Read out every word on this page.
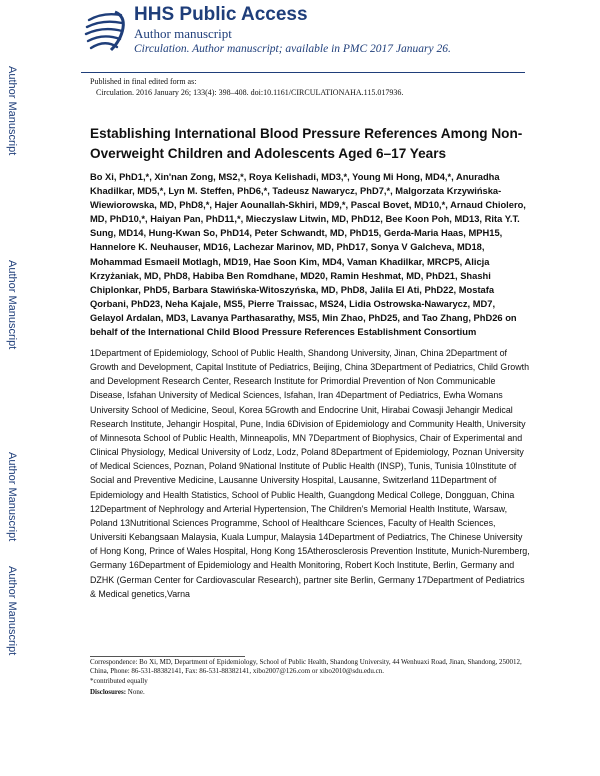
Author Manuscript
Author Manuscript
Author Manuscript
Author Manuscript
HHS Public Access
Author manuscript
Circulation. Author manuscript; available in PMC 2017 January 26.
Published in final edited form as:
Circulation. 2016 January 26; 133(4): 398–408. doi:10.1161/CIRCULATIONAHA.115.017936.
Establishing International Blood Pressure References Among Non-Overweight Children and Adolescents Aged 6–17 Years

Bo Xi, PhD1,*, Xin'nan Zong, MS2,*, Roya Kelishadi, MD3,*, Young Mi Hong, MD4,*, Anuradha Khadilkar, MD5,*, Lyn M. Steffen, PhD6,*, Tadeusz Nawarycz, PhD7,*, Malgorzata Krzywińska-Wiewiorowska, MD, PhD8,*, Hajer Aounallah-Skhiri, MD9,*, Pascal Bovet, MD10,*, Arnaud Chiolero, MD, PhD10,*, Haiyan Pan, PhD11,*, Mieczyslaw Litwin, MD, PhD12, Bee Koon Poh, MD13, Rita Y.T. Sung, MD14, Hung-Kwan So, PhD14, Peter Schwandt, MD, PhD15, Gerda-Maria Haas, MPH15, Hannelore K. Neuhauser, MD16, Lachezar Marinov, MD, PhD17, Sonya V Galcheva, MD18, Mohammad Esmaeil Motlagh, MD19, Hae Soon Kim, MD4, Vaman Khadilkar, MRCP5, Alicja Krzyżaniak, MD, PhD8, Habiba Ben Romdhane, MD20, Ramin Heshmat, MD, PhD21, Shashi Chiplonkar, PhD5, Barbara Stawińska-Witoszyńska, MD, PhD8, Jalila El Ati, PhD22, Mostafa Qorbani, PhD23, Neha Kajale, MS5, Pierre Traissac, MS24, Lidia Ostrowska-Nawarycz, MD7, Gelayol Ardalan, MD3, Lavanya Parthasarathy, MS5, Min Zhao, PhD25, and Tao Zhang, PhD26 on behalf of the International Child Blood Pressure References Establishment Consortium

1Department of Epidemiology, School of Public Health, Shandong University, Jinan, China 2Department of Growth and Development, Capital Institute of Pediatrics, Beijing, China 3Department of Pediatrics, Child Growth and Development Research Center, Research Institute for Primordial Prevention of Non Communicable Disease, Isfahan University of Medical Sciences, Isfahan, Iran 4Department of Pediatrics, Ewha Womans University School of Medicine, Seoul, Korea 5Growth and Endocrine Unit, Hirabai Cowasji Jehangir Medical Research Institute, Jehangir Hospital, Pune, India 6Division of Epidemiology and Community Health, University of Minnesota School of Public Health, Minneapolis, MN 7Department of Biophysics, Chair of Experimental and Clinical Physiology, Medical University of Lodz, Lodz, Poland 8Department of Epidemiology, Poznan University of Medical Sciences, Poznan, Poland 9National Institute of Public Health (INSP), Tunis, Tunisia 10Institute of Social and Preventive Medicine, Lausanne University Hospital, Lausanne, Switzerland 11Department of Epidemiology and Health Statistics, School of Public Health, Guangdong Medical College, Dongguan, China 12Department of Nephrology and Arterial Hypertension, The Children's Memorial Health Institute, Warsaw, Poland 13Nutritional Sciences Programme, School of Healthcare Sciences, Faculty of Health Sciences, Universiti Kebangsaan Malaysia, Kuala Lumpur, Malaysia 14Department of Pediatrics, The Chinese University of Hong Kong, Prince of Wales Hospital, Hong Kong 15Atherosclerosis Prevention Institute, Munich-Nuremberg, Germany 16Department of Epidemiology and Health Monitoring, Robert Koch Institute, Berlin, Germany and DZHK (German Center for Cardiovascular Research), partner site Berlin, Germany 17Department of Pediatrics & Medical genetics,Varna

Correspondence: Bo Xi, MD, Department of Epidemiology, School of Public Health, Shandong University, 44 Wenhuaxi Road, Jinan, Shandong, 250012, China, Phone: 86-531-88382141, Fax: 86-531-88382141, xibo2007@126.com or xibo2010@sdu.edu.cn.
*contributed equally
Disclosures: None.
